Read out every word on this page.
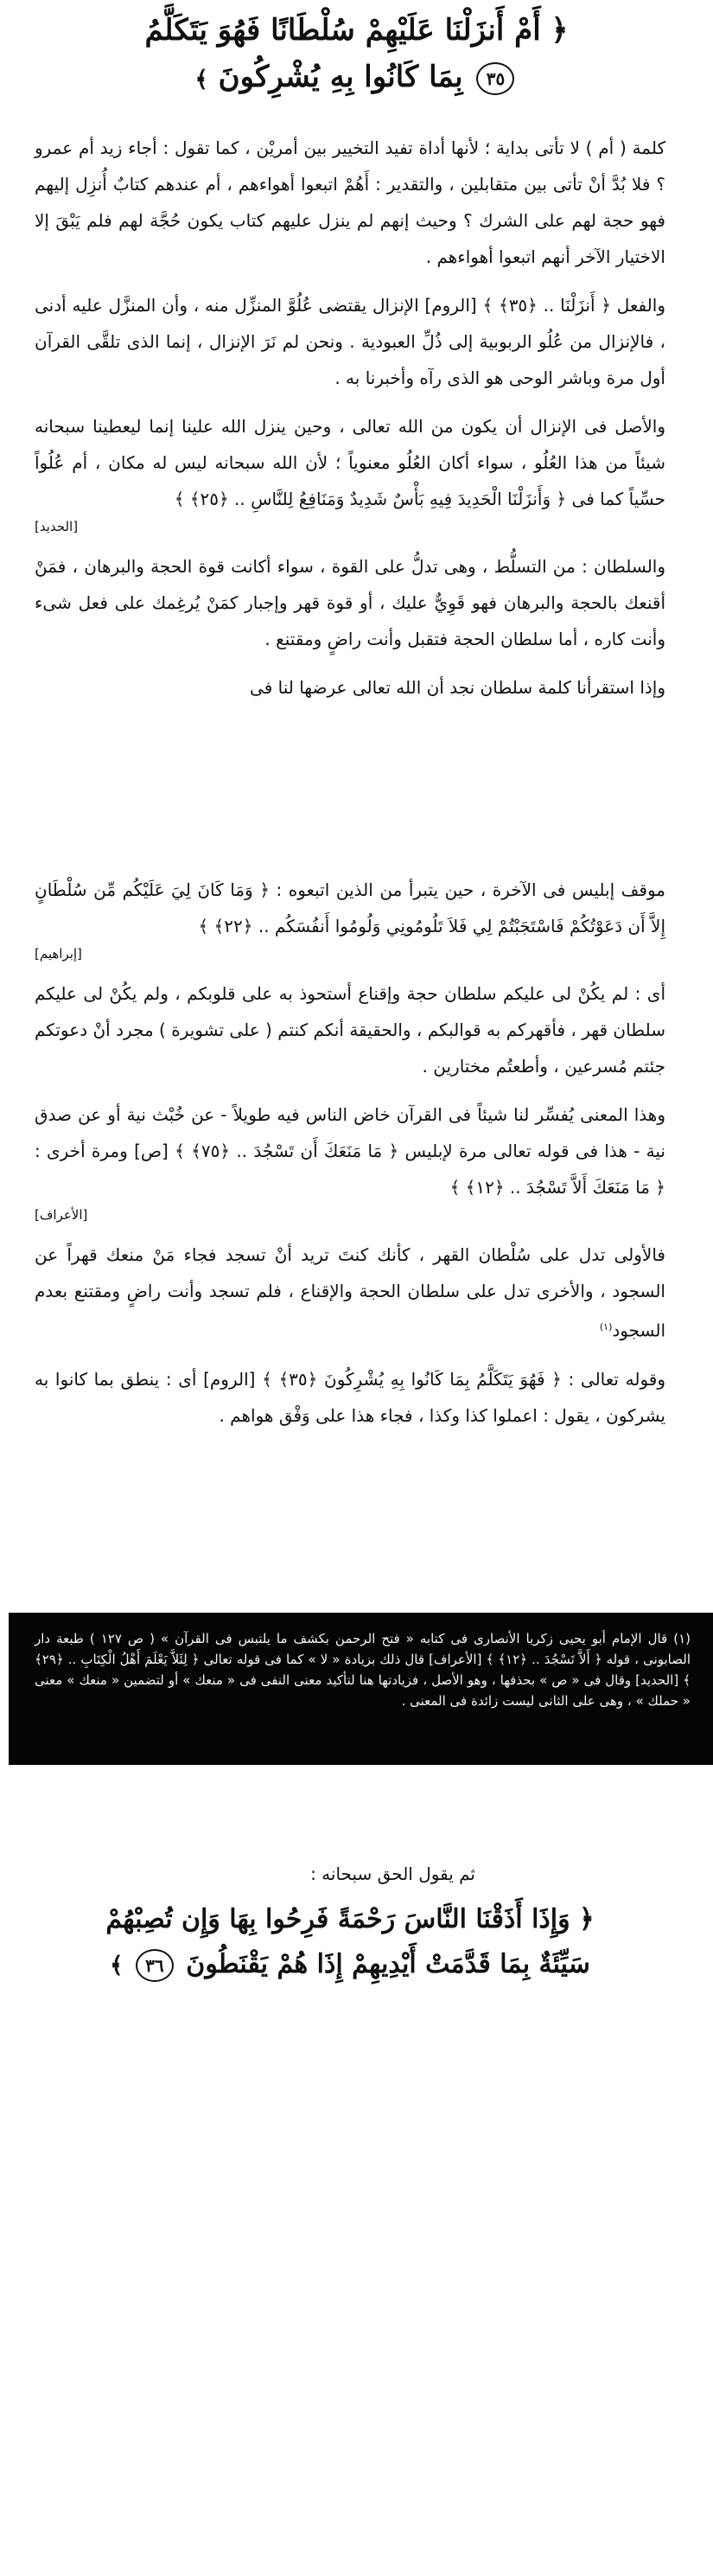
﴿ أَمْ أَنزَلْنَا عَلَيْهِمْ سُلْطَانًا فَهُوَ يَتَكَلَّمُ
٣٥ بِمَا كَانُوا بِهِ يُشْرِكُونَ ﴾

كلمة ( أم ) لا تأتى بداية ؛ لأنها أداة تفيد التخيير بين أمريْن ، كما تقول : أجاء زيد أم عمرو ؟ فلا بُدَّ أنْ تأتى بين متقابلين ، والتقدير : أَهُمْ اتبعوا أهواءهم ، أم عندهم كتابٌ أُنزِل إليهم فهو حجة لهم على الشرك ؟ وحيث إنهم لم ينزل عليهم كتاب يكون حُجَّة لهم فلم يَبْقَ إلا الاختيار الآخر أنهم اتبعوا أهواءهم .

والفعل ﴿ أَنزَلْنَا .. ﴿٣٥﴾ ﴾ [الروم] الإنزال يقتضى عُلُوَّ المنزِّل منه ، وأن المنزَّل عليه أدنى ، فالإنزال من عُلُو الربوبية إلى ذُلِّ العبودية . ونحن لم نَرَ الإنزال ، إنما الذى تلقَّى القرآن أول مرة وباشر الوحى هو الذى رآه وأخبرنا به .

والأصل فى الإنزال أن يكون من الله تعالى ، وحين ينزل الله علينا إنما ليعطينا سبحانه شيئاً من هذا العُلُو ، سواء أكان العُلُو معنوياً ؛ لأن الله سبحانه ليس له مكان ، أم عُلُواً حسِّياً كما فى ﴿ وَأَنزَلْنَا الْحَدِيدَ فِيهِ بَأْسٌ شَدِيدٌ وَمَنَافِعُ لِلنَّاسِ .. ﴿٢٥﴾ ﴾

[الحديد]

والسلطان : من التسلُّط ، وهى تدلُّ على القوة ، سواء أكانت قوة الحجة والبرهان ، فمَنْ أقنعك بالحجة والبرهان فهو قَوِيٌّ عليك ، أو قوة قهر وإجبار كمَنْ يُرغِمك على فعل شىء وأنت كاره ، أما سلطان الحجة فتقبل وأنت راضٍ ومقتنع .

وإذا استقرأنا كلمة سلطان نجد أن الله تعالى عرضها لنا فى

موقف إبليس فى الآخرة ، حين يتبرأ من الذين اتبعوه : ﴿ وَمَا كَانَ لِيَ عَلَيْكُم مِّن سُلْطَانٍ إِلاَّ أَن دَعَوْتُكُمْ فَاسْتَجَبْتُمْ لِي فَلاَ تَلُومُونِي وَلُومُوا أَنفُسَكُم .. ﴿٢٢﴾ ﴾

[إبراهيم]

أى : لم يكُنْ لى عليكم سلطان حجة وإقناع أستحوذ به على قلوبكم ، ولم يكُنْ لى عليكم سلطان قهر ، فأقهركم به قوالبكم ، والحقيقة أنكم كنتم ( على تشويرة ) مجرد أنْ دعوتكم جئتم مُسرعين ، وأطعتُم مختارين .

وهذا المعنى يُفسِّر لنا شيئاً فى القرآن خاض الناس فيه طويلاً - عن خُبْث نية أو عن صدق نية - هذا فى قوله تعالى مرة لإبليس ﴿ مَا مَنَعَكَ أَن تَسْجُدَ .. ﴿٧٥﴾ ﴾ [ص] ومرة أخرى : ﴿ مَا مَنَعَكَ أَلاَّ تَسْجُدَ .. ﴿١٢﴾ ﴾

[الأعراف]

فالأولى تدل على سُلْطان القهر ، كأنك كنتَ تريد أنْ تسجد فجاء مَنْ منعك قهراً عن السجود ، والأخرى تدل على سلطان الحجة والإقناع ، فلم تسجد وأنت راضٍ ومقتنع بعدم السجود$^{(١)}$

وقوله تعالى : ﴿ فَهُوَ يَتَكَلَّمُ بِمَا كَانُوا بِهِ يُشْرِكُونَ ﴿٣٥﴾ ﴾ [الروم] أى : ينطق بما كانوا به يشركون ، يقول : اعملوا كذا وكذا ، فجاء هذا على وَفْق هواهم .

(١) قال الإمام أبو يحيى زكريا الأنصارى فى كتابه « فتح الرحمن بكشف ما يلتبس فى القرآن » ( ص ١٢٧ ) طبعة دار الصابونى ، قوله ﴿ أَلاَّ تَسْجُدَ .. ﴿١٢﴾ ﴾ [الأعراف] قال ذلك بزيادة « لا » كما فى قوله تعالى ﴿ لِئَلاَّ يَعْلَمَ أَهْلُ الْكِتَابِ .. ﴿٢٩﴾ ﴾ [الحديد] وقال فى « ص » بحذفها ، وهو الأصل ، فزيادتها هنا لتأكيد معنى النفى فى « منعك » أو لتضمين « منعك » معنى « حملك » ، وهى على الثانى ليست زائدة فى المعنى .

ثم يقول الحق سبحانه :

﴿ وَإِذَا أَذَقْنَا النَّاسَ رَحْمَةً فَرِحُوا بِهَا وَإِن تُصِبْهُمْ
سَيِّئَةٌ بِمَا قَدَّمَتْ أَيْدِيهِمْ إِذَا هُمْ يَقْنَطُونَ ٣٦ ﴾
